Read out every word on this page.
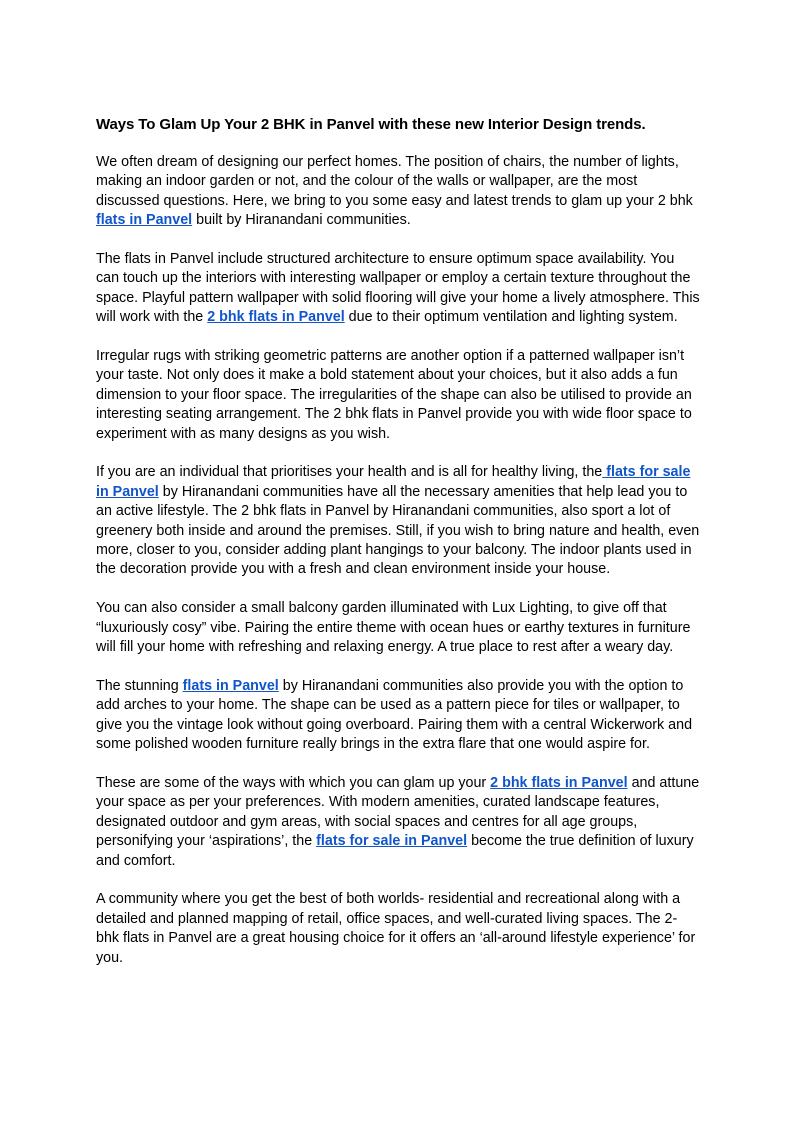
Ways To Glam Up Your 2 BHK in Panvel with these new Interior Design trends.

We often dream of designing our perfect homes. The position of chairs, the number of lights, making an indoor garden or not, and the colour of the walls or wallpaper, are the most discussed questions. Here, we bring to you some easy and latest trends to glam up your 2 bhk flats in Panvel built by Hiranandani communities.

The flats in Panvel include structured architecture to ensure optimum space availability. You can touch up the interiors with interesting wallpaper or employ a certain texture throughout the space. Playful pattern wallpaper with solid flooring will give your home a lively atmosphere. This will work with the 2 bhk flats in Panvel due to their optimum ventilation and lighting system.

Irregular rugs with striking geometric patterns are another option if a patterned wallpaper isn’t your taste. Not only does it make a bold statement about your choices, but it also adds a fun dimension to your floor space. The irregularities of the shape can also be utilised to provide an interesting seating arrangement. The 2 bhk flats in Panvel provide you with wide floor space to experiment with as many designs as you wish.

If you are an individual that prioritises your health and is all for healthy living, the flats for sale in Panvel by Hiranandani communities have all the necessary amenities that help lead you to an active lifestyle. The 2 bhk flats in Panvel by Hiranandani communities, also sport a lot of greenery both inside and around the premises. Still, if you wish to bring nature and health, even more, closer to you, consider adding plant hangings to your balcony. The indoor plants used in the decoration provide you with a fresh and clean environment inside your house.

You can also consider a small balcony garden illuminated with Lux Lighting, to give off that “luxuriously cosy” vibe. Pairing the entire theme with ocean hues or earthy textures in furniture will fill your home with refreshing and relaxing energy. A true place to rest after a weary day.

The stunning flats in Panvel by Hiranandani communities also provide you with the option to add arches to your home. The shape can be used as a pattern piece for tiles or wallpaper, to give you the vintage look without going overboard. Pairing them with a central Wickerwork and some polished wooden furniture really brings in the extra flare that one would aspire for.

These are some of the ways with which you can glam up your 2 bhk flats in Panvel and attune your space as per your preferences. With modern amenities, curated landscape features, designated outdoor and gym areas, with social spaces and centres for all age groups, personifying your ‘aspirations’, the flats for sale in Panvel become the true definition of luxury and comfort.

A community where you get the best of both worlds- residential and recreational along with a detailed and planned mapping of retail, office spaces, and well-curated living spaces. The 2-bhk flats in Panvel are a great housing choice for it offers an ‘all-around lifestyle experience’ for you.
